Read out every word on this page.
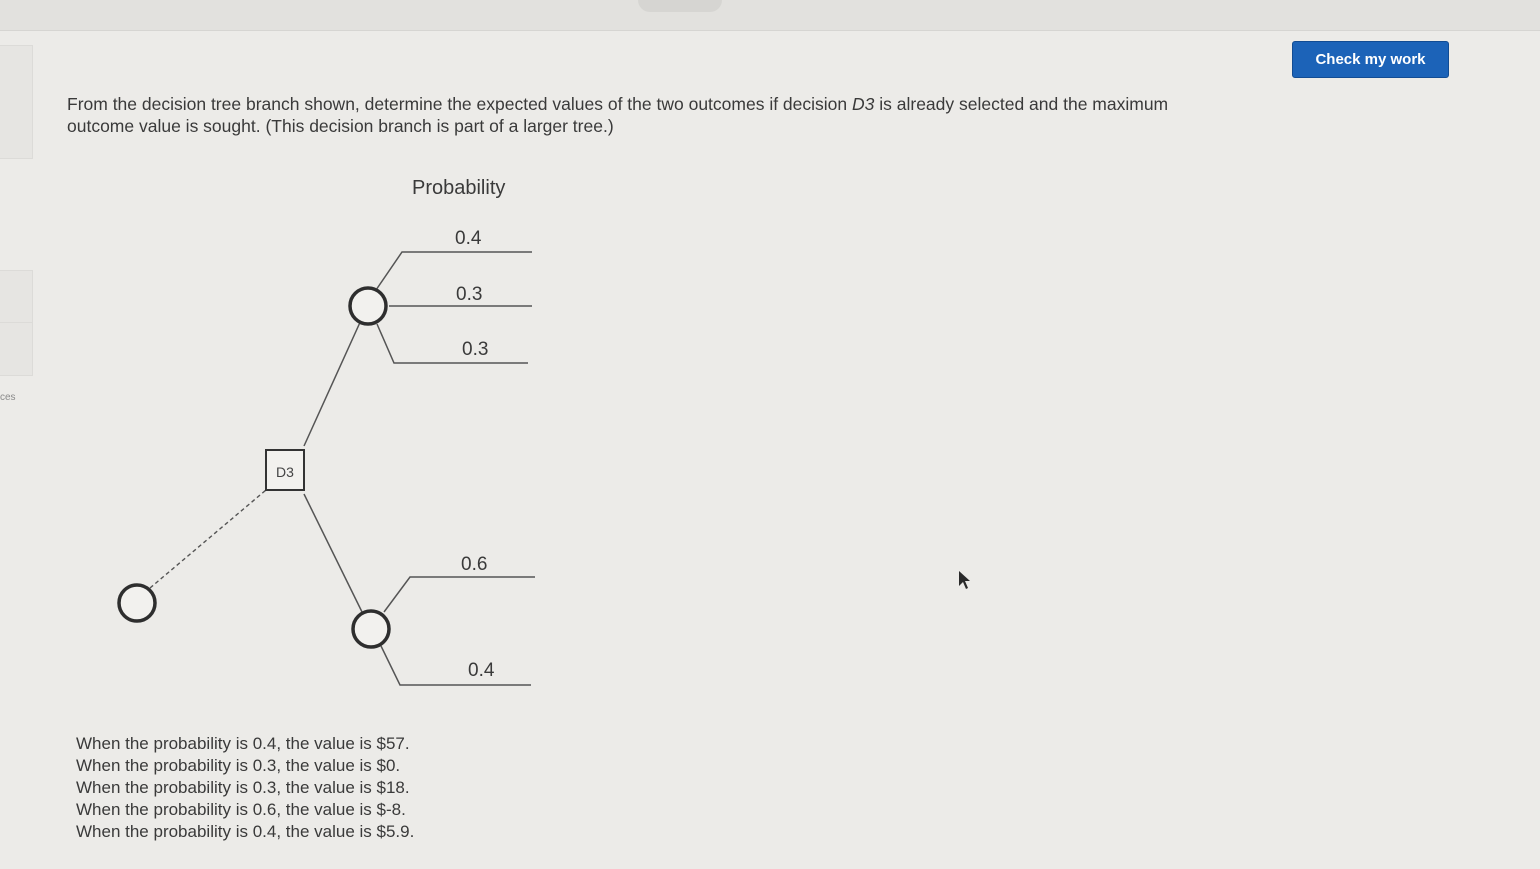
ces
Check my work
From the decision tree branch shown, determine the expected values of the two outcomes if decision D3 is already selected and the maximum outcome value is sought. (This decision branch is part of a larger tree.)
Probability
0.4
0.3
0.3
0.6
0.4
D3
When the probability is 0.4, the value is $57.
When the probability is 0.3, the value is $0.
When the probability is 0.3, the value is $18.
When the probability is 0.6, the value is $-8.
When the probability is 0.4, the value is $5.9.
